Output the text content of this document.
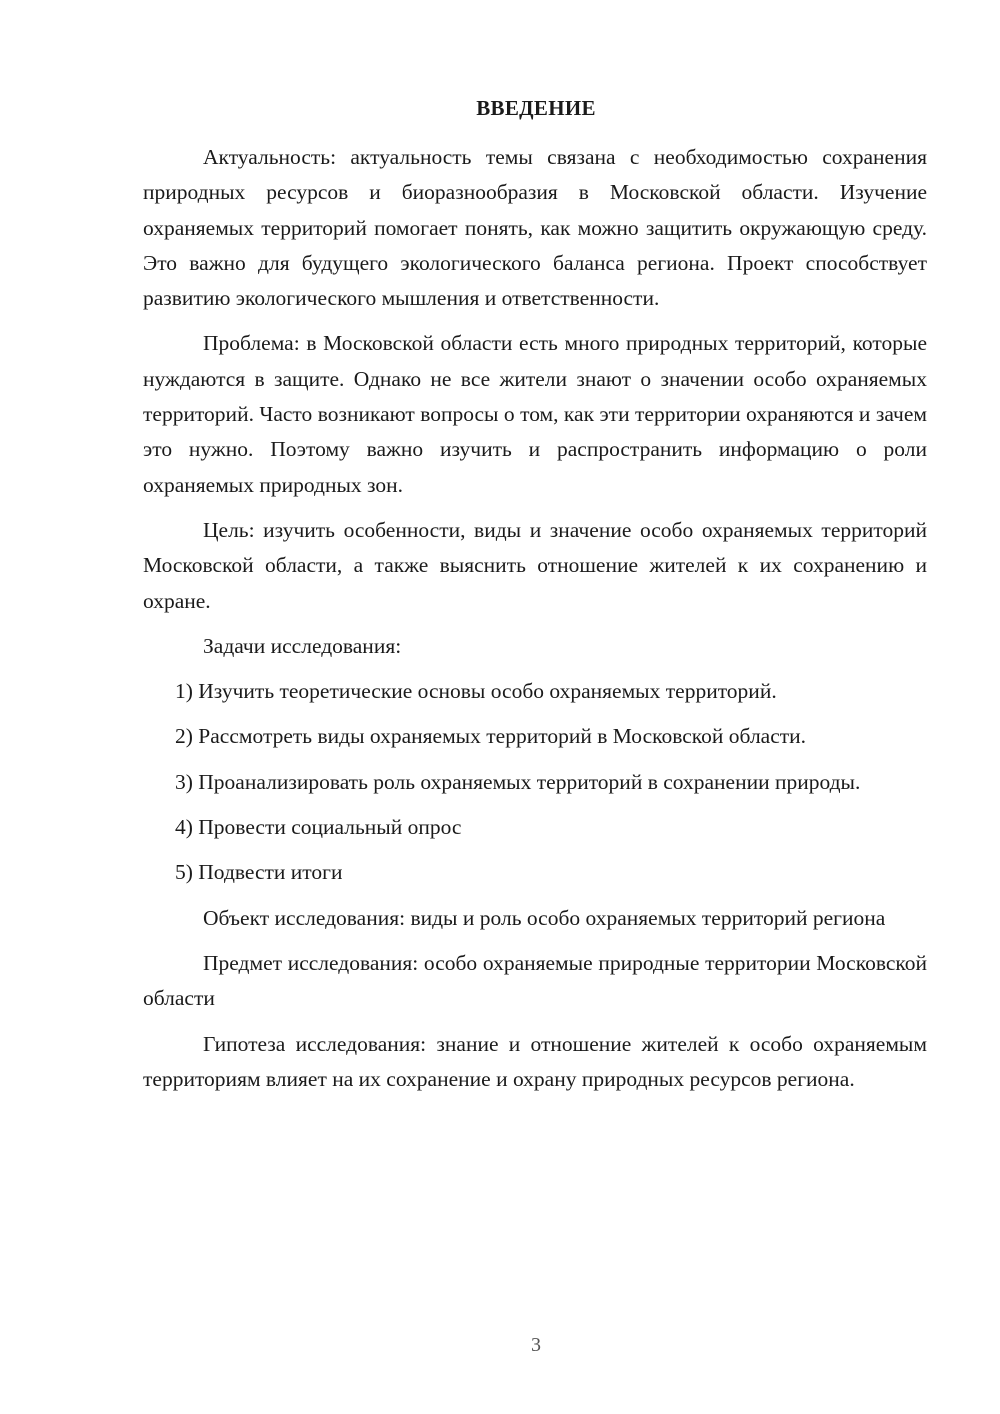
ВВЕДЕНИЕ

Актуальность: актуальность темы связана с необходимостью сохранения природных ресурсов и биоразнообразия в Московской области. Изучение охраняемых территорий помогает понять, как можно защитить окружающую среду. Это важно для будущего экологического баланса региона. Проект способствует развитию экологического мышления и ответственности.

Проблема: в Московской области есть много природных территорий, которые нуждаются в защите. Однако не все жители знают о значении особо охраняемых территорий. Часто возникают вопросы о том, как эти территории охраняются и зачем это нужно. Поэтому важно изучить и распространить информацию о роли охраняемых природных зон.

Цель: изучить особенности, виды и значение особо охраняемых территорий Московской области, а также выяснить отношение жителей к их сохранению и охране.

Задачи исследования:

1) Изучить теоретические основы особо охраняемых территорий.

2) Рассмотреть виды охраняемых территорий в Московской области.

3) Проанализировать роль охраняемых территорий в сохранении природы.

4) Провести социальный опрос

5) Подвести итоги

Объект исследования: виды и роль особо охраняемых территорий региона

Предмет исследования: особо охраняемые природные территории Московской области

Гипотеза исследования: знание и отношение жителей к особо охраняемым территориям влияет на их сохранение и охрану природных ресурсов региона.

3
